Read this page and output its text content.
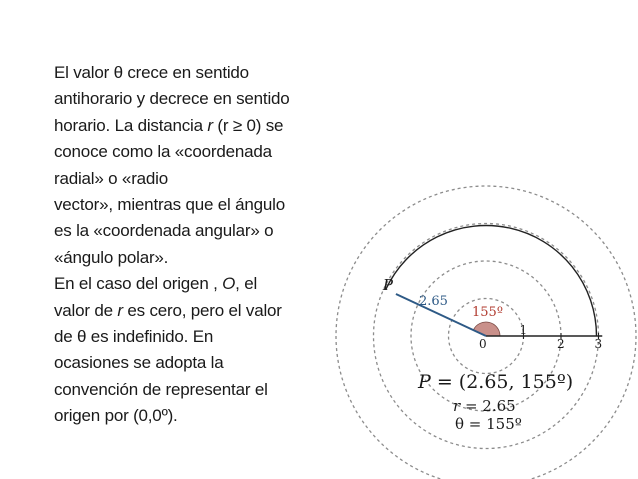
El valor θ crece en sentido
antihorario y decrece en sentido
horario. La distancia r (r ≥ 0) se
conoce como la «coordenada
radial» o «radio
vector», mientras que el ángulo
es la «coordenada angular» o
«ángulo polar».
En el caso del origen , O, el
valor de r es cero, pero el valor
de θ es indefinido. En
ocasiones se adopta la
convención de representar el
origen por (0,0º).
P
2.65
155º
0
1
2 3
P = (2.65, 155º)
r = 2.65
θ = 155º
